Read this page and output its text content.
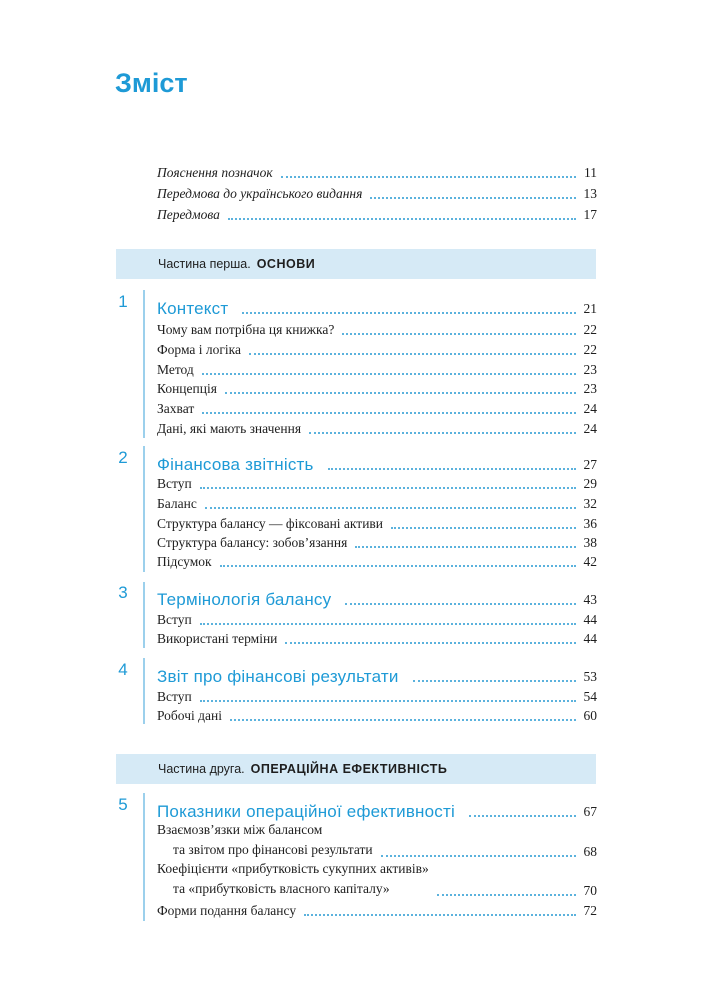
Зміст
Пояснення позначок	11
Передмова до українського видання	13
Передмова	17
Частина перша. ОСНОВИ
1	Контекст	21
Чому вам потрібна ця книжка?	22
Форма і логіка	22
Метод	23
Концепція	23
Захват	24
Дані, які мають значення	24
2	Фінансова звітність	27
Вступ	29
Баланс	32
Структура балансу — фіксовані активи	36
Структура балансу: зобов’язання	38
Підсумок	42
3	Термінологія балансу	43
Вступ	44
Використані терміни	44
4	Звіт про фінансові результати	53
Вступ	54
Робочі дані	60
Частина друга. ОПЕРАЦІЙНА ЕФЕКТИВНІСТЬ
5	Показники операційної ефективності	67
Взаємозв’язки між балансом
та звітом про фінансові результати	68
Коефіцієнти «прибутковість сукупних активів»
та «прибутковість власного капіталу»	70
Форми подання балансу	72
